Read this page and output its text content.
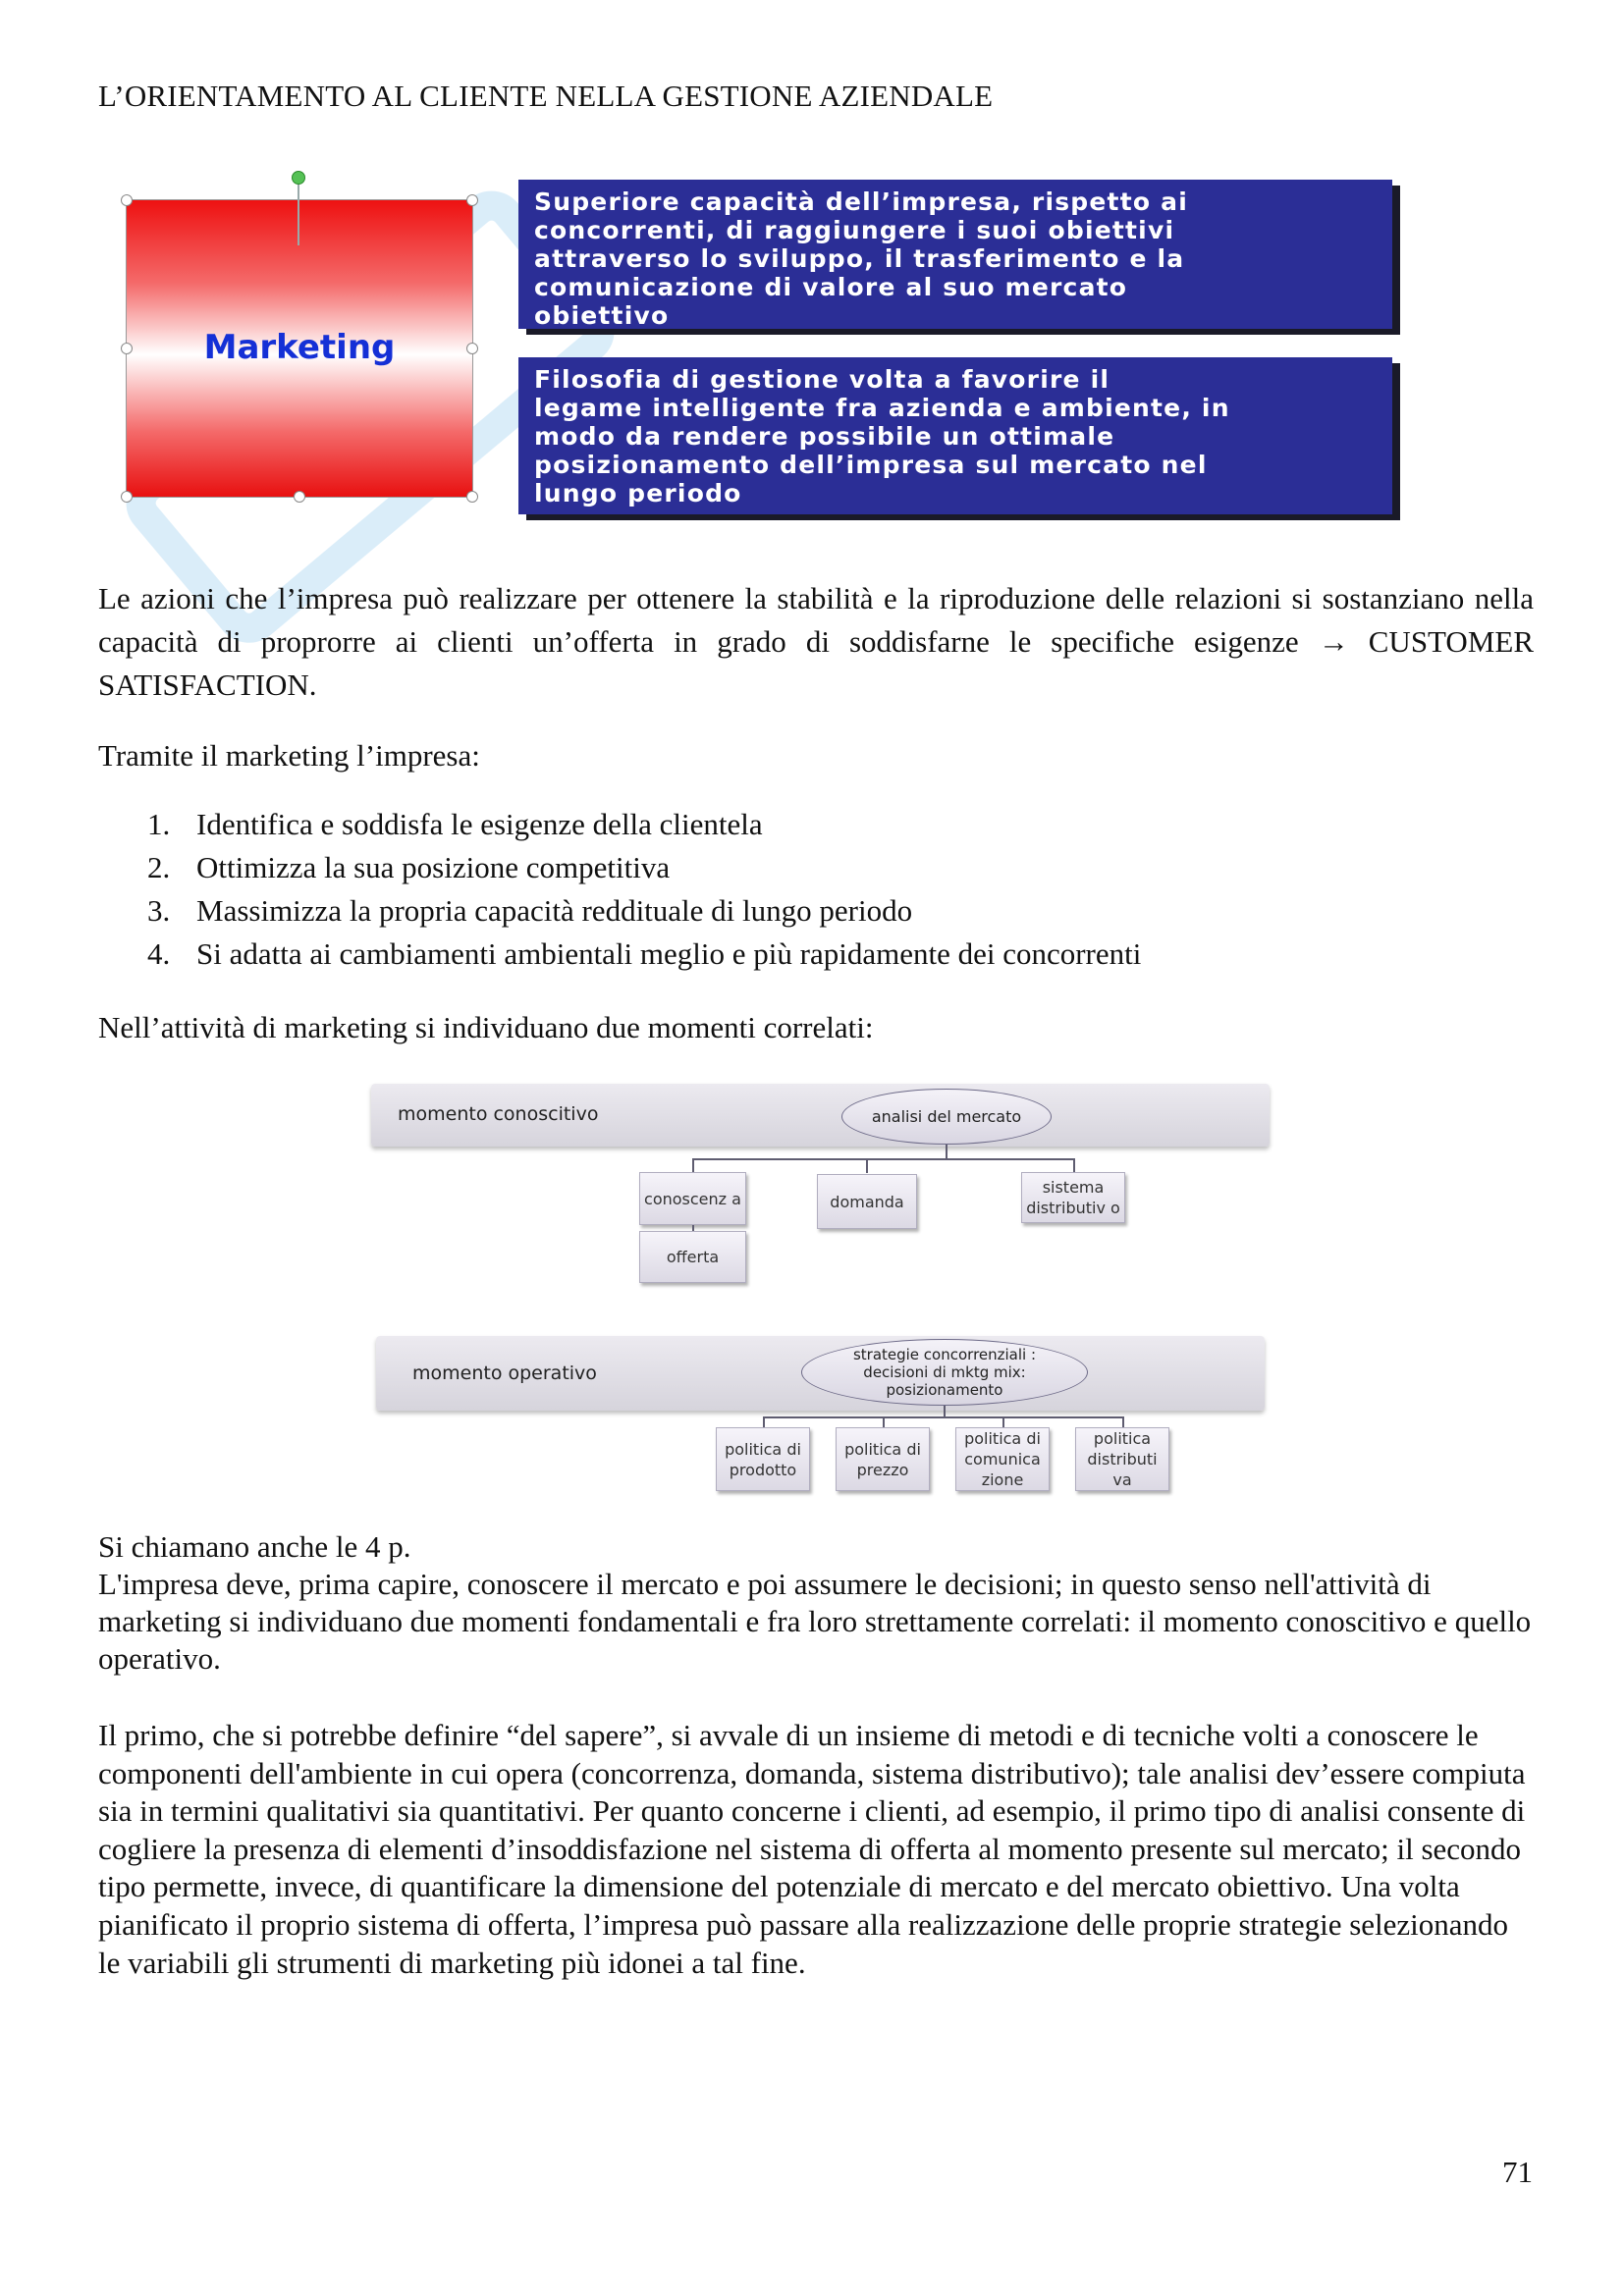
L’ORIENTAMENTO AL CLIENTE NELLA GESTIONE AZIENDALE
Marketing
Superiore capacità dell’impresa, rispetto ai
concorrenti, di raggiungere i suoi obiettivi
attraverso lo sviluppo, il trasferimento e la
comunicazione di valore al suo mercato
obiettivo
Filosofia di gestione volta a favorire il
legame intelligente fra azienda e ambiente, in
modo da rendere possibile un ottimale
posizionamento dell’impresa sul mercato nel
lungo periodo
Le azioni che l’impresa può realizzare per ottenere la stabilità e la riproduzione delle relazioni si sostanziano nella capacità di proprorre ai clienti un’offerta in grado di soddisfarne le specifiche esigenze → CUSTOMER SATISFACTION.
Tramite il marketing l’impresa:
1. Identifica e soddisfa le esigenze della clientela
2. Ottimizza la sua posizione competitiva
3. Massimizza la propria capacità reddituale di lungo periodo
4. Si adatta ai cambiamenti ambientali meglio e più rapidamente dei concorrenti
Nell’attività di marketing si individuano due momenti correlati:
momento conoscitivo	analisi del mercato
conoscenz a
offerta
domanda
sistema distributiv o
momento operativo
strategie concorrenziali : decisioni di mktg mix: posizionamento
politica di prodotto
politica di prezzo
politica di comunica zione
politica distributi va
Si chiamano anche le 4 p.
L'impresa deve, prima capire, conoscere il mercato e poi assumere le decisioni; in questo senso nell'attività di marketing si individuano due momenti fondamentali e fra loro strettamente correlati: il momento conoscitivo e quello operativo.
Il primo, che si potrebbe definire “del sapere”, si avvale di un insieme di metodi e di tecniche volti a conoscere le componenti dell'ambiente in cui opera (concorrenza, domanda, sistema distributivo); tale analisi dev’essere compiuta sia in termini qualitativi sia quantitativi. Per quanto concerne i clienti, ad esempio, il primo tipo di analisi consente di cogliere la presenza di elementi d’insoddisfazione nel sistema di offerta al momento presente sul mercato; il secondo tipo permette, invece, di quantificare la dimensione del potenziale di mercato e del mercato obiettivo. Una volta pianificato il proprio sistema di offerta, l’impresa può passare alla realizzazione delle proprie strategie selezionando le variabili gli strumenti di marketing più idonei a tal fine.
71
